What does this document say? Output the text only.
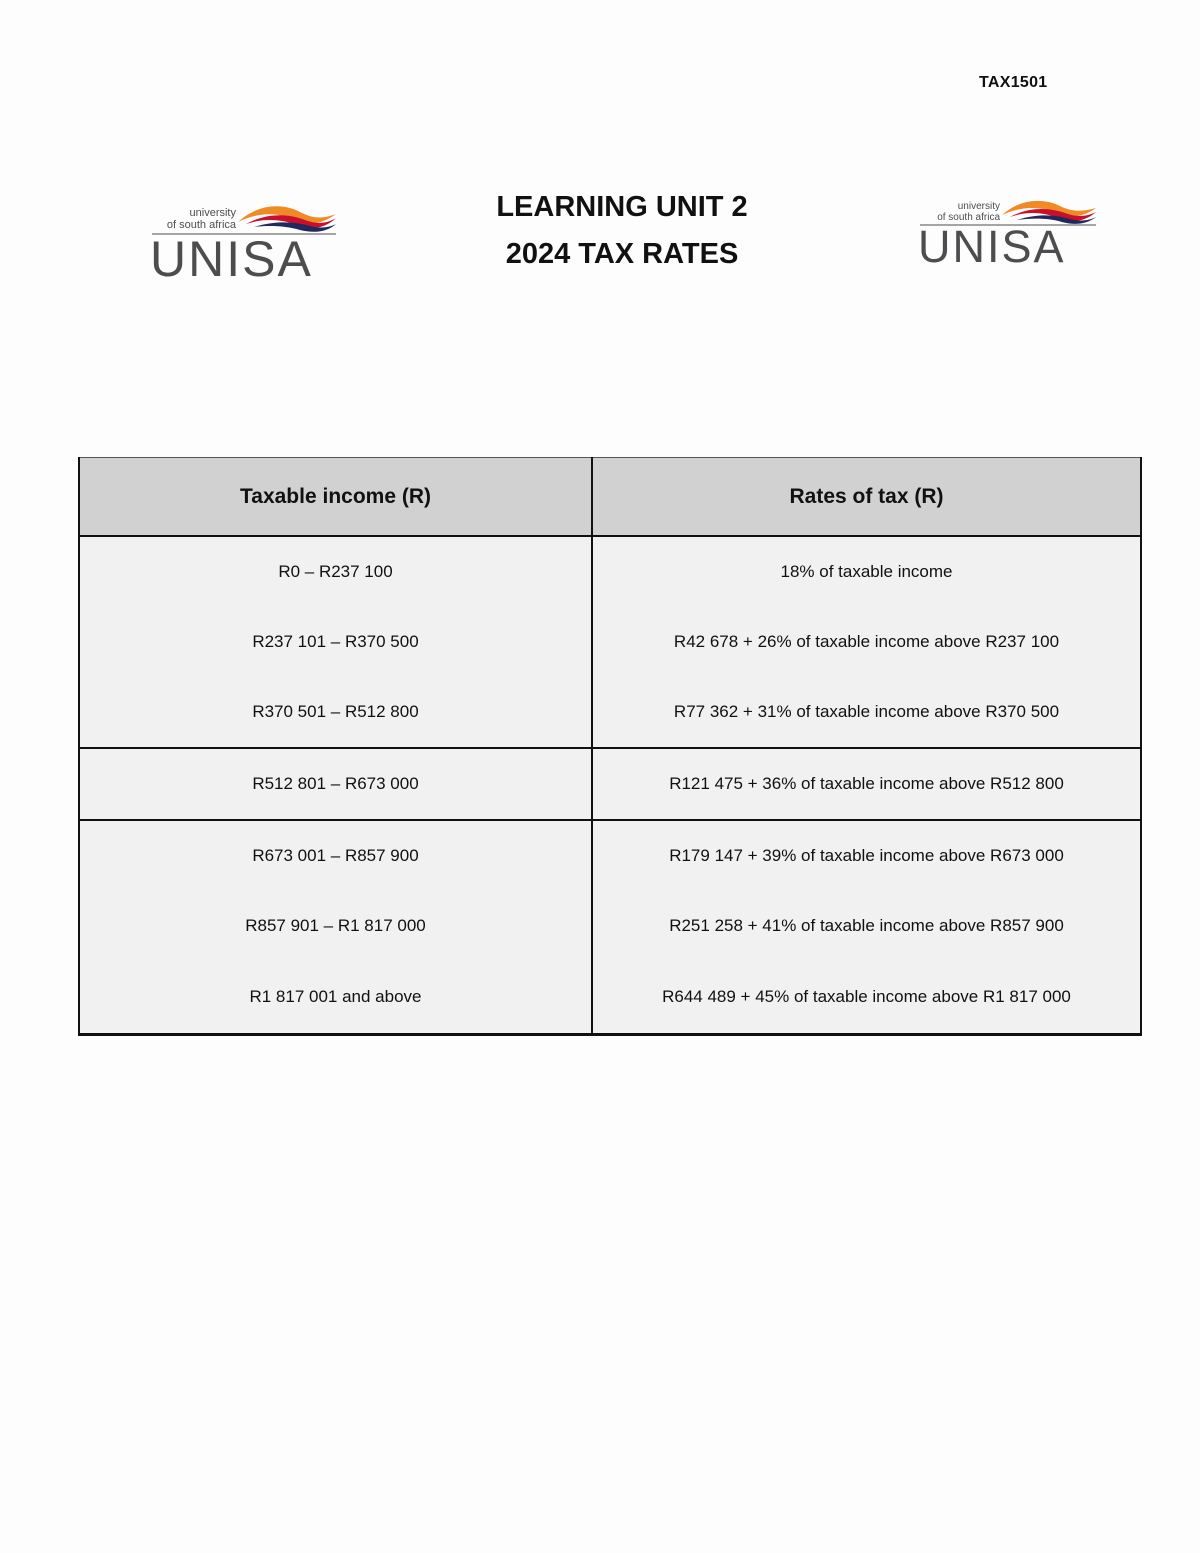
TAX1501
university
of south africa
UNISA
LEARNING UNIT 2
2024 TAX RATES
university
of south africa
UNISA
Taxable income (R)	Rates of tax (R)
R0 – R237 100	18% of taxable income
R237 101 – R370 500	R42 678 + 26% of taxable income above R237 100
R370 501 – R512 800	R77 362 + 31% of taxable income above R370 500
R512 801 – R673 000	R121 475 + 36% of taxable income above R512 800
R673 001 – R857 900	R179 147 + 39% of taxable income above R673 000
R857 901 – R1 817 000	R251 258 + 41% of taxable income above R857 900
R1 817 001 and above	R644 489 + 45% of taxable income above R1 817 000
